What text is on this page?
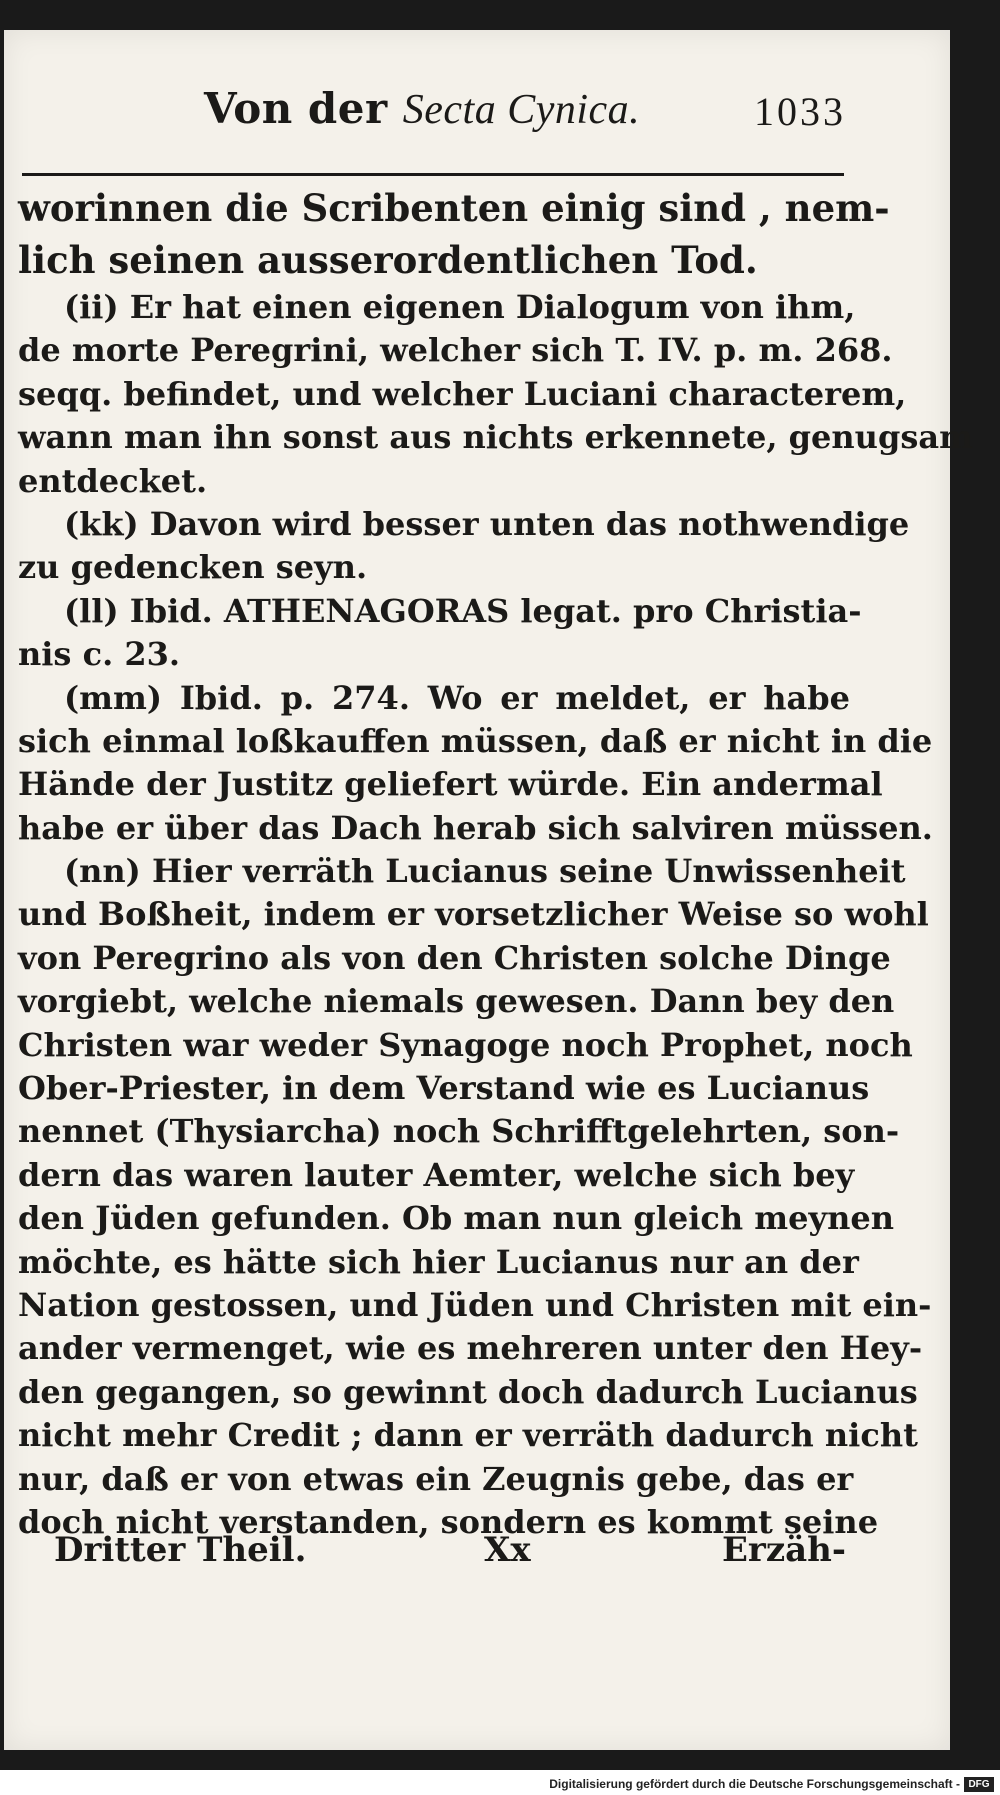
Von der Secta Cynica.	1033
worinnen die Scribenten einig sind , nem-
lich seinen ausserordentlichen Tod.
(ii) Er hat einen eigenen Dialogum von ihm,
de morte Peregrini, welcher sich T. IV. p. m. 268.
seqq. befindet, und welcher Luciani characterem,
wann man ihn sonst aus nichts erkennete, genugsam
entdecket.
(kk) Davon wird besser unten das nothwendige
zu gedencken seyn.
(ll) Ibid. ATHENAGORAS legat. pro Christia-
nis c. 23.
(mm) Ibid. p. 274. Wo er meldet, er habe
sich einmal loßkauffen müssen, daß er nicht in die
Hände der Justitz geliefert würde. Ein andermal
habe er über das Dach herab sich salviren müssen.
(nn) Hier verräth Lucianus seine Unwissenheit
und Boßheit, indem er vorsetzlicher Weise so wohl
von Peregrino als von den Christen solche Dinge
vorgiebt, welche niemals gewesen. Dann bey den
Christen war weder Synagoge noch Prophet, noch
Ober-Priester, in dem Verstand wie es Lucianus
nennet (Thysiarcha) noch Schrifftgelehrten, son-
dern das waren lauter Aemter, welche sich bey
den Jüden gefunden. Ob man nun gleich meynen
möchte, es hätte sich hier Lucianus nur an der
Nation gestossen, und Jüden und Christen mit ein-
ander vermenget, wie es mehreren unter den Hey-
den gegangen, so gewinnt doch dadurch Lucianus
nicht mehr Credit ; dann er verräth dadurch nicht
nur, daß er von etwas ein Zeugnis gebe, das er
doch nicht verstanden, sondern es kommt seine
Dritter Theil.	Xx	Erzäh-
Digitalisierung gefördert durch die Deutsche Forschungsgemeinschaft - DFG
